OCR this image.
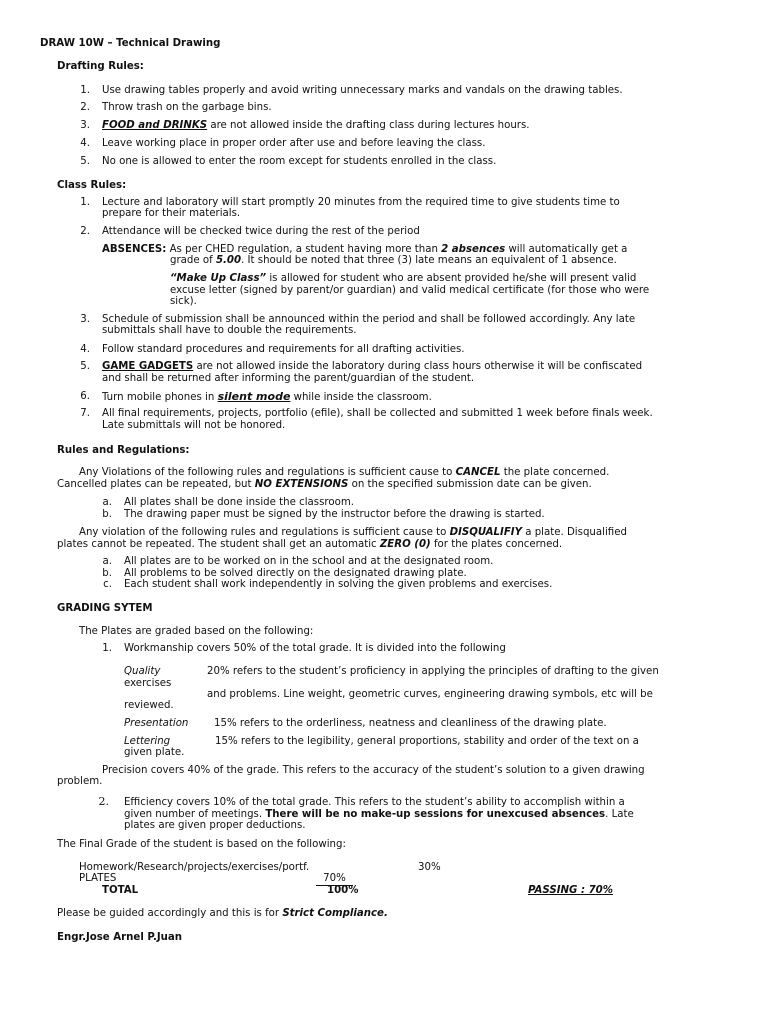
DRAW 10W – Technical Drawing
Drafting Rules:
1. Use drawing tables properly and avoid writing unnecessary marks and vandals on the drawing tables.
2. Throw trash on the garbage bins.
3. FOOD and DRINKS are not allowed inside the drafting class during lectures hours.
4. Leave working place in proper order after use and before leaving the class.
5. No one is allowed to enter the room except for students enrolled in the class.
Class Rules:
1. Lecture and laboratory will start promptly 20 minutes from the required time to give students time to
prepare for their materials.
2. Attendance will be checked twice during the rest of the period
ABSENCES: As per CHED regulation, a student having more than 2 absences will automatically get a
grade of 5.00. It should be noted that three (3) late means an equivalent of 1 absence.
“Make Up Class” is allowed for student who are absent provided he/she will present valid
excuse letter (signed by parent/or guardian) and valid medical certificate (for those who were
sick).
3. Schedule of submission shall be announced within the period and shall be followed accordingly. Any late
submittals shall have to double the requirements.
4. Follow standard procedures and requirements for all drafting activities.
5. GAME GADGETS are not allowed inside the laboratory during class hours otherwise it will be confiscated
and shall be returned after informing the parent/guardian of the student.
6. Turn mobile phones in silent mode while inside the classroom.
7. All final requirements, projects, portfolio (efile), shall be collected and submitted 1 week before finals week.
Late submittals will not be honored.
Rules and Regulations:
Any Violations of the following rules and regulations is sufficient cause to CANCEL the plate concerned.
Cancelled plates can be repeated, but NO EXTENSIONS on the specified submission date can be given.
a. All plates shall be done inside the classroom.
b. The drawing paper must be signed by the instructor before the drawing is started.
Any violation of the following rules and regulations is sufficient cause to DISQUALIFIY a plate. Disqualified
plates cannot be repeated. The student shall get an automatic ZERO (0) for the plates concerned.
a. All plates are to be worked on in the school and at the designated room.
b. All problems to be solved directly on the designated drawing plate.
c. Each student shall work independently in solving the given problems and exercises.
GRADING SYTEM
The Plates are graded based on the following:
1. Workmanship covers 50% of the total grade. It is divided into the following
Quality	20% refers to the student’s proficiency in applying the principles of drafting to the given
exercises
and problems. Line weight, geometric curves, engineering drawing symbols, etc will be
reviewed.
Presentation	15% refers to the orderliness, neatness and cleanliness of the drawing plate.
Lettering	15% refers to the legibility, general proportions, stability and order of the text on a
given plate.
Precision covers 40% of the grade. This refers to the accuracy of the student’s solution to a given drawing
problem.
2. Efficiency covers 10% of the total grade. This refers to the student’s ability to accomplish within a
given number of meetings. There will be no make-up sessions for unexcused absences. Late
plates are given proper deductions.
The Final Grade of the student is based on the following:
Homework/Research/projects/exercises/portf.	30%
PLATES	70%
TOTAL	100%	PASSING : 70%
Please be guided accordingly and this is for Strict Compliance.
Engr.Jose Arnel P.Juan
